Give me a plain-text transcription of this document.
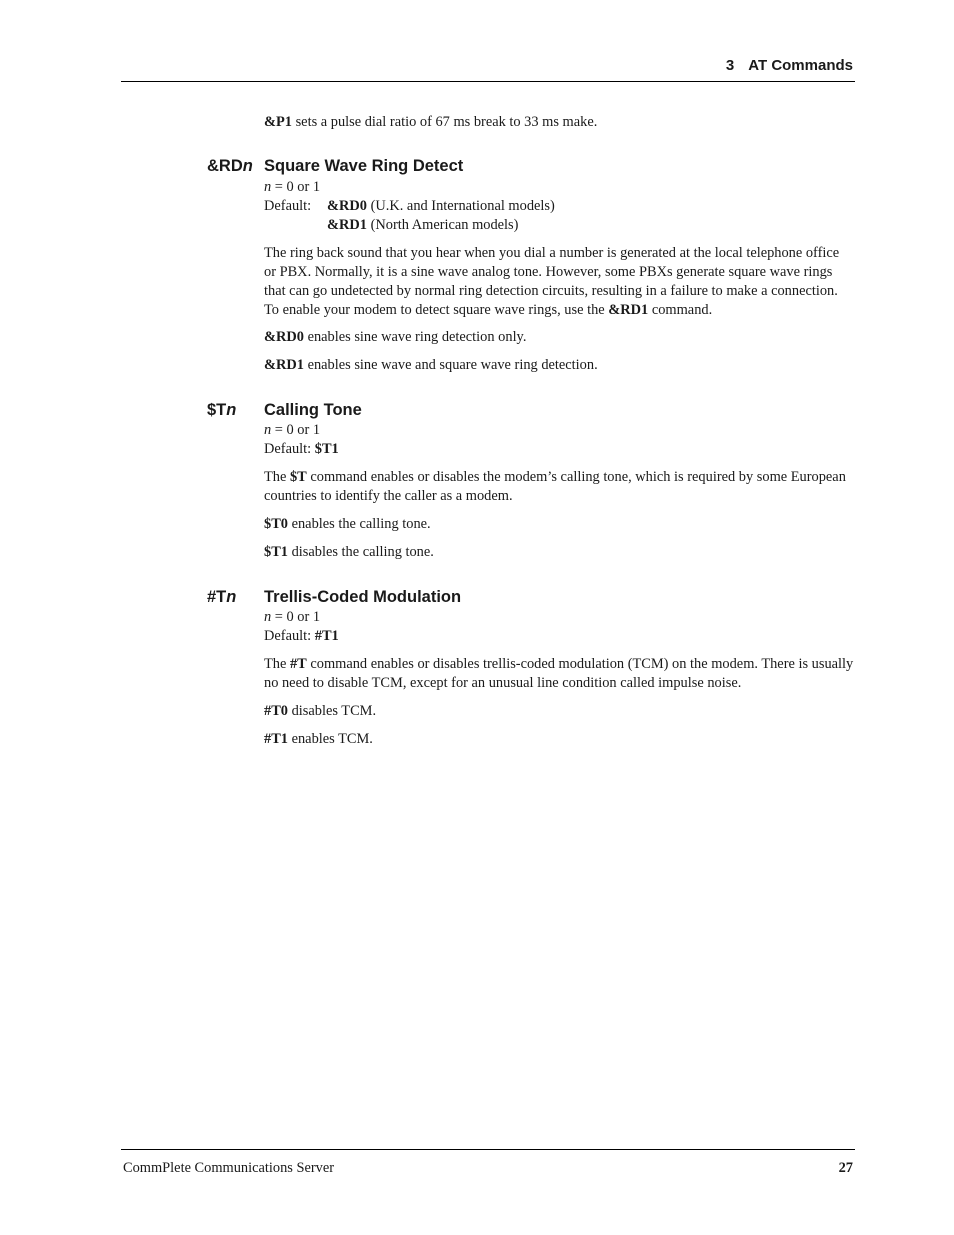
3 AT Commands
&P1 sets a pulse dial ratio of 67 ms break to 33 ms make.
&RDn Square Wave Ring Detect
n = 0 or 1
Default: &RD0 (U.K. and International models)
&RD1 (North American models)
The ring back sound that you hear when you dial a number is generated at the local telephone office or PBX. Normally, it is a sine wave analog tone. However, some PBXs generate square wave rings that can go undetected by normal ring detection circuits, resulting in a failure to make a connection. To enable your modem to detect square wave rings, use the &RD1 command.
&RD0 enables sine wave ring detection only.
&RD1 enables sine wave and square wave ring detection.
$Tn Calling Tone
n = 0 or 1
Default: $T1
The $T command enables or disables the modem’s calling tone, which is required by some European countries to identify the caller as a modem.
$T0 enables the calling tone.
$T1 disables the calling tone.
#Tn Trellis-Coded Modulation
n = 0 or 1
Default: #T1
The #T command enables or disables trellis-coded modulation (TCM) on the modem. There is usually no need to disable TCM, except for an unusual line condition called impulse noise.
#T0 disables TCM.
#T1 enables TCM.
CommPlete Communications Server	27
